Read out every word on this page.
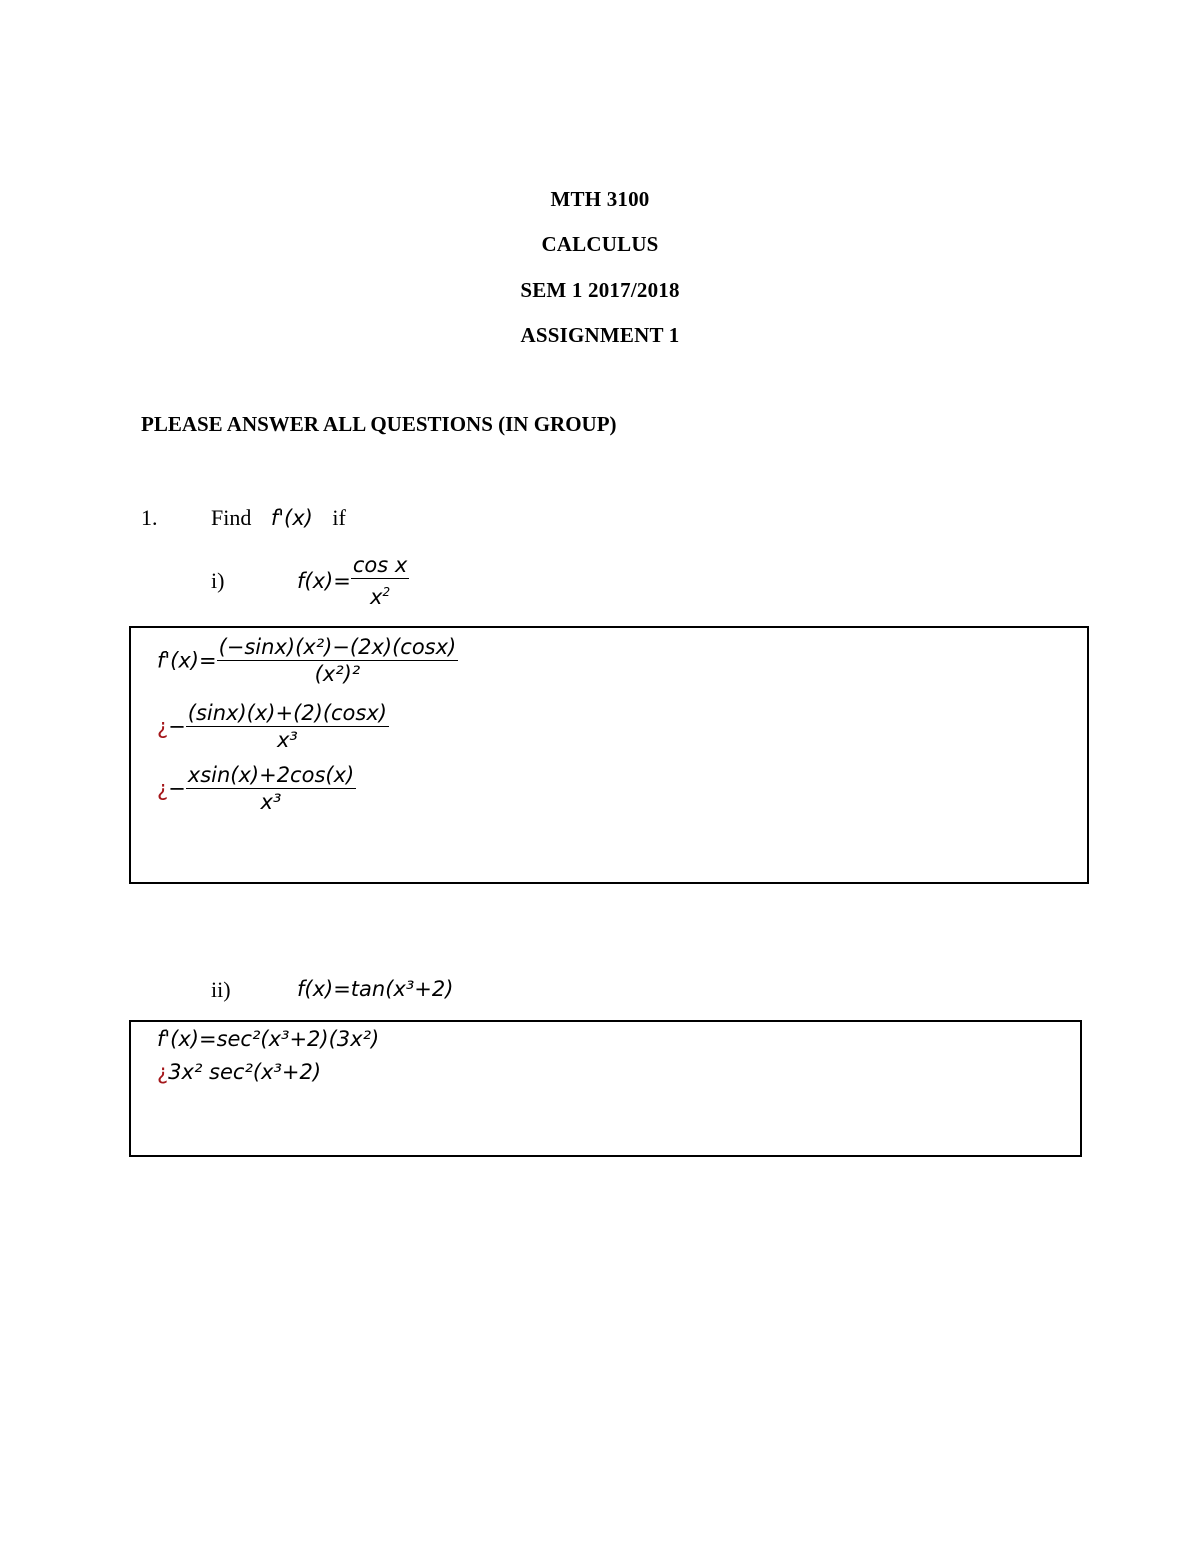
MTH 3100
CALCULUS
SEM 1 2017/2018
ASSIGNMENT 1
PLEASE ANSWER ALL QUESTIONS (IN GROUP)
1. Find f'(x) if
i)	$f(x)= \frac{\text{cos x}}{x^2}$
$f'(x)= \frac{\text{(−sinx)(x²)−(2x)(cosx)}}{\text{(x²)²}}$
¿− $\frac{(\sin x)(x)+(2)(\cos x)}{\text{x³}}$
¿− $\frac{xsin(x)+2\cos(x)}{\text{x³}}$
ii)	f(x)=tan(x³+2)
f'(x)=sec²(x³+2)(3x²)
¿3x² sec²(x³+2)
